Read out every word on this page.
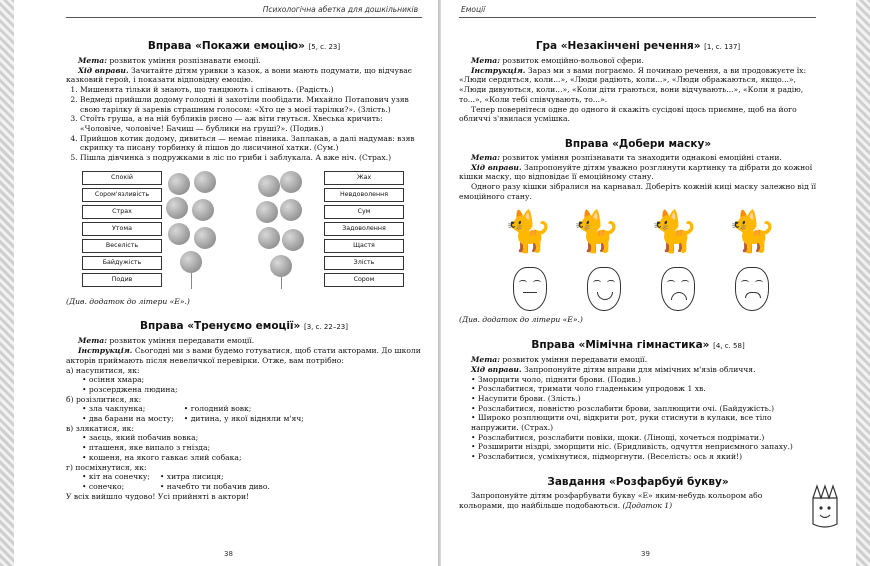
Психологічна абетка для дошкільників
Вправа «Покажи емоцію» [5, с. 23]

Мета: розвиток уміння розпізнавати емоції.

Хід вправи. Зачитайте дітям уривки з казок, а вони мають подумати, що відчуває казковий герой, і показати відповідну емоцію.

1. Мишенята тільки й знають, що танцюють і співають. (Радість.)
2. Ведмеді прийшли додому голодні й захотіли пообідати. Михайло Потапович узяв свою тарілку й заревів страшним голосом: «Хто це з моєї тарілки?». (Злість.)
3. Стоїть груша, а на ній бубликів рясно — аж віти гнуться. Хвеська кричить: «Чоловіче, чоловіче! Бачиш — бублики на груші?». (Подив.)
4. Прийшов котик додому, дивиться — немає півника. Заплакав, а далі надумав: взяв скрипку та писану торбинку й пішов до лисичиної хатки. (Сум.)
5. Пішла дівчинка з подружками в ліс по гриби і заблукала. А вже ніч. (Страх.)
Спокій
Сором'язливість
Страх
Утома
Веселість
Байдужість
Подив
Жах
Невдоволення
Сум
Задоволення
Щастя
Злість
Сором

(Див. додаток до літери «Е».)

Вправа «Тренуємо емоції» [3, с. 22–23]

Мета: розвиток уміння передавати емоції.

Інструкція. Сьогодні ми з вами будемо готуватися, щоб стати акторами. До школи акторів приймають після невеличкої перевірки. Отже, вам потрібно:

а) насупитися, як:

• осіння хмара;
• розсерджена людина;

б) розізлитися, як:

• зла чаклунка;
• два барани на мосту;
• голодний вовк;
• дитина, у якої відняли м'яч;

в) злякатися, як:

• заєць, який побачив вовка;
• пташеня, яке випало з гнізда;
• кошеня, на якого гавкає злий собака;

г) посміхнутися, як:

• кіт на сонечку;
• сонечко;
• хитра лисиця;
• начебто ти побачив диво.

У всіх вийшло чудово! Усі прийняті в актори!

38
Емоції
Гра «Незакінчені речення» [1, с. 137]

Мета: розвиток емоційно-вольової сфери.

Інструкція. Зараз ми з вами пограємо. Я починаю речення, а ви продовжуєте їх: «Люди сердяться, коли...», «Люди радіють, коли...», «Люди ображаються, якщо...», «Люди дивуються, коли...», «Коли діти граються, вони відчувають...», «Коли я радію, то...», «Коли тебі співчувають, то...».

Тепер повернітеся одне до одного й скажіть сусідові щось приємне, щоб на його обличчі з'явилася усмішка.

Вправа «Добери маску»

Мета: розвиток уміння розпізнавати та знаходити однакові емоційні стани.

Хід вправи. Запропонуйте дітям уважно розглянути картинку та дібрати до кожної кішки маску, що відповідає її емоційному стану.

Одного разу кішки зібралися на карнавал. Доберіть кожній киці маску залежно від її емоційного стану.

🐈 🐈 🐈 🐈

(Див. додаток до літери «Е».)

Вправа «Мімічна гімнастика» [4, с. 58]

Мета: розвиток уміння передавати емоції.

Хід вправи. Запропонуйте дітям вправи для мімічних м'язів обличчя.

• Зморщити чоло, підняти брови. (Подив.)
• Розслабитися, тримати чоло гладеньким упродовж 1 хв.
• Насупити брови. (Злість.)
• Розслабитися, повністю розслабити брови, заплющити очі. (Байдужість.)
• Широко розплющити очі, відкрити рот, руки стиснути в кулаки, все тіло напружити. (Страх.)
• Розслабитися, розслабити повіки, щоки. (Лінощі, хочеться подрімати.)
• Розширити ніздрі, зморщити ніс. (Бридливість, одчуття неприємного запаху.)
• Розслабитися, усміхнутися, підморгнути. (Веселість: ось я який!)
Завдання «Розфарбуй букву»

Запропонуйте дітям розфарбувати букву «Е» яким-небудь кольором або кольорами, що найбільше подобаються. (Додаток 1)

39
